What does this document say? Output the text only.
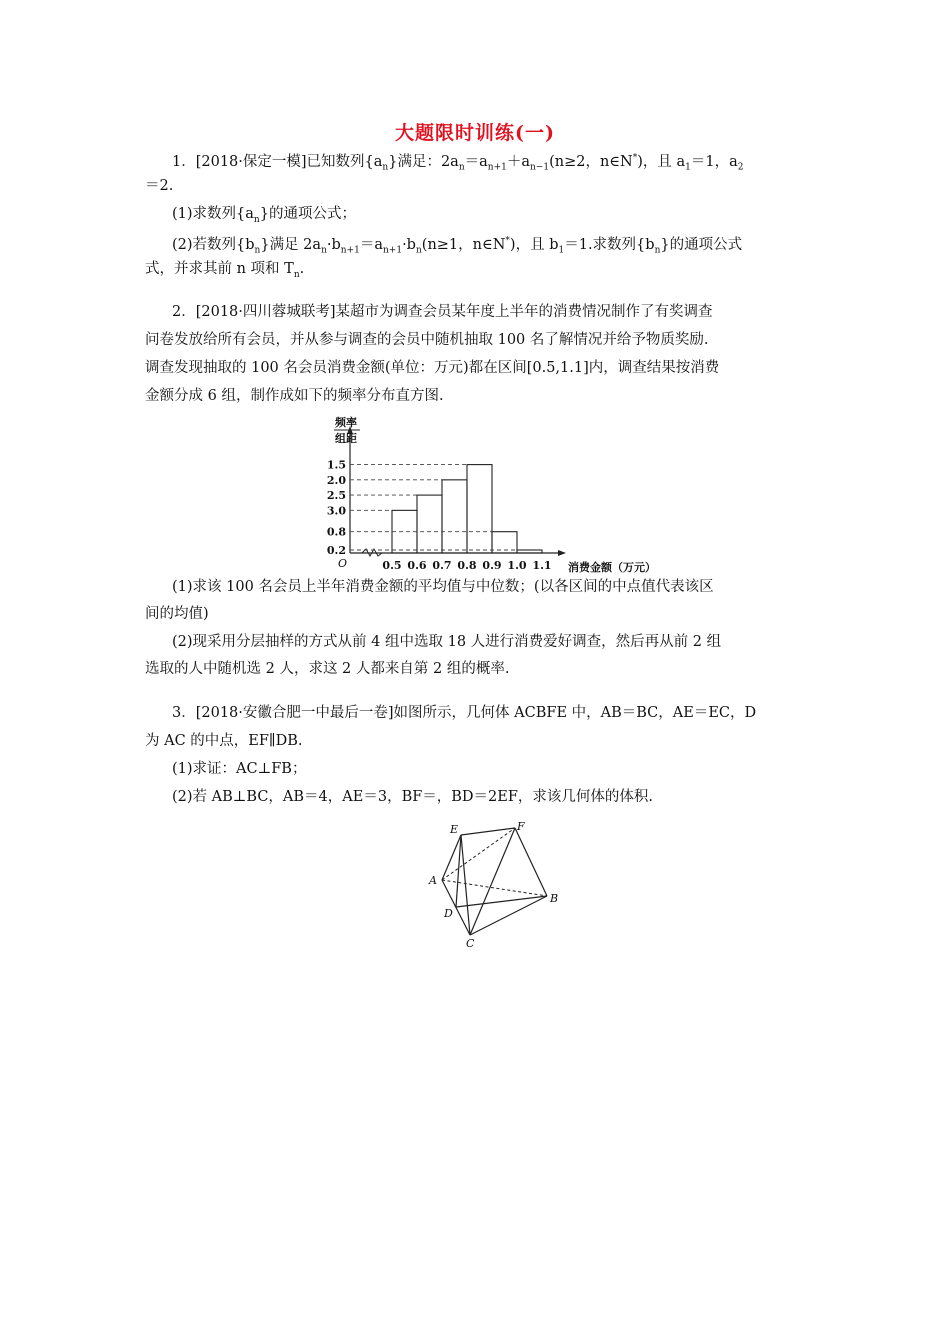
大题限时训练(一)
1．[2018·保定一模]已知数列$\{a_n\}$满足：$2a_n=a_{n+1}+a_{n-1}(n\ge 2$，n∈N*)，且 $a_1=1$，$a_2$
＝2.
(1)求数列$\{a_n\}$的通项公式；
(2)若数列$\{b_n\}$满足 $2a_n\cdot b_{n+1}=a_{n+1}\cdot b_n(n\ge 1$，n∈N*)，且 $b_1=1$.求数列$\{b_n\}$的通项公式
式，并求其前 n 项和 $T_n$.
2．[2018·四川蓉城联考]某超市为调查会员某年度上半年的消费情况制作了有奖调查
问卷发放给所有会员，并从参与调查的会员中随机抽取 100 名了解情况并给予物质奖励.
调查发现抽取的 100 名会员消费金额(单位：万元)都在区间[0.5,1.1]内，调查结果按消费
金额分成 6 组，制作成如下的频率分布直方图.
3.0
2.5
2.0
1.5
0.8
0.2
0.5 0.6 0.7 0.8 0.9 1.0 1.1
O
频率
组距
消费金额（万元）
(1)求该 100 名会员上半年消费金额的平均值与中位数；(以各区间的中点值代表该区
间的均值)
(2)现采用分层抽样的方式从前 4 组中选取 18 人进行消费爱好调查，然后再从前 2 组
选取的人中随机选 2 人，求这 2 人都来自第 2 组的概率.
3．[2018·安徽合肥一中最后一卷]如图所示，几何体 ACBFE 中，AB＝BC，AE＝EC，D
为 AC 的中点，EF∥DB.
(1)求证：AC⊥FB；
(2)若 AB⊥BC，AB＝4，AE＝3，BF＝，BD＝2EF，求该几何体的体积.
E	F
A
B
D
C
